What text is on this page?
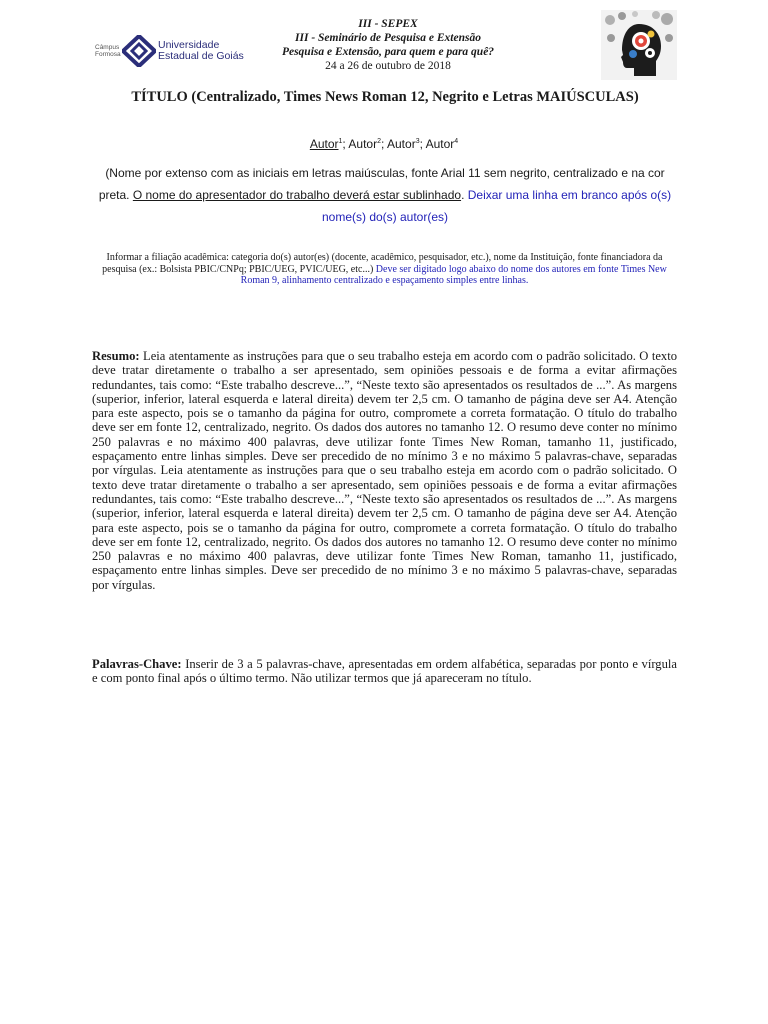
Câmpus Formosa
Universidade
Estadual de Goiás
III - SEPEX
III - Seminário de Pesquisa e Extensão
Pesquisa e Extensão, para quem e para quê?
24 a 26 de outubro de 2018
TÍTULO (Centralizado, Times News Roman 12, Negrito e Letras MAIÚSCULAS)
Autor$^1$; Autor$^2$; Autor$^3$; Autor$^4$
(Nome por extenso com as iniciais em letras maiúsculas, fonte Arial 11 sem negrito, centralizado e na cor preta. O nome do apresentador do trabalho deverá estar sublinhado. Deixar uma linha em branco após o(s) nome(s) do(s) autor(es)
Informar a filiação acadêmica: categoria do(s) autor(es) (docente, acadêmico, pesquisador, etc.), nome da Instituição, fonte financiadora da pesquisa (ex.: Bolsista PBIC/CNPq; PBIC/UEG, PVIC/UEG, etc...) Deve ser digitado logo abaixo do nome dos autores em fonte Times New Roman 9, alinhamento centralizado e espaçamento simples entre linhas.
Resumo: Leia atentamente as instruções para que o seu trabalho esteja em acordo com o padrão solicitado. O texto deve tratar diretamente o trabalho a ser apresentado, sem opiniões pessoais e de forma a evitar afirmações redundantes, tais como: “Este trabalho descreve...”, “Neste texto são apresentados os resultados de ...”. As margens (superior, inferior, lateral esquerda e lateral direita) devem ter 2,5 cm. O tamanho de página deve ser A4. Atenção para este aspecto, pois se o tamanho da página for outro, compromete a correta formatação. O título do trabalho deve ser em fonte 12, centralizado, negrito. Os dados dos autores no tamanho 12. O resumo deve conter no mínimo 250 palavras e no máximo 400 palavras, deve utilizar fonte Times New Roman, tamanho 11, justificado, espaçamento entre linhas simples. Deve ser precedido de no mínimo 3 e no máximo 5 palavras-chave, separadas por vírgulas. Leia atentamente as instruções para que o seu trabalho esteja em acordo com o padrão solicitado. O texto deve tratar diretamente o trabalho a ser apresentado, sem opiniões pessoais e de forma a evitar afirmações redundantes, tais como: “Este trabalho descreve...”, “Neste texto são apresentados os resultados de ...”. As margens (superior, inferior, lateral esquerda e lateral direita) devem ter 2,5 cm. O tamanho de página deve ser A4. Atenção para este aspecto, pois se o tamanho da página for outro, compromete a correta formatação. O título do trabalho deve ser em fonte 12, centralizado, negrito. Os dados dos autores no tamanho 12. O resumo deve conter no mínimo 250 palavras e no máximo 400 palavras, deve utilizar fonte Times New Roman, tamanho 11, justificado, espaçamento entre linhas simples. Deve ser precedido de no mínimo 3 e no máximo 5 palavras-chave, separadas por vírgulas.
Palavras-Chave: Inserir de 3 a 5 palavras-chave, apresentadas em ordem alfabética, separadas por ponto e vírgula e com ponto final após o último termo. Não utilizar termos que já apareceram no título.
